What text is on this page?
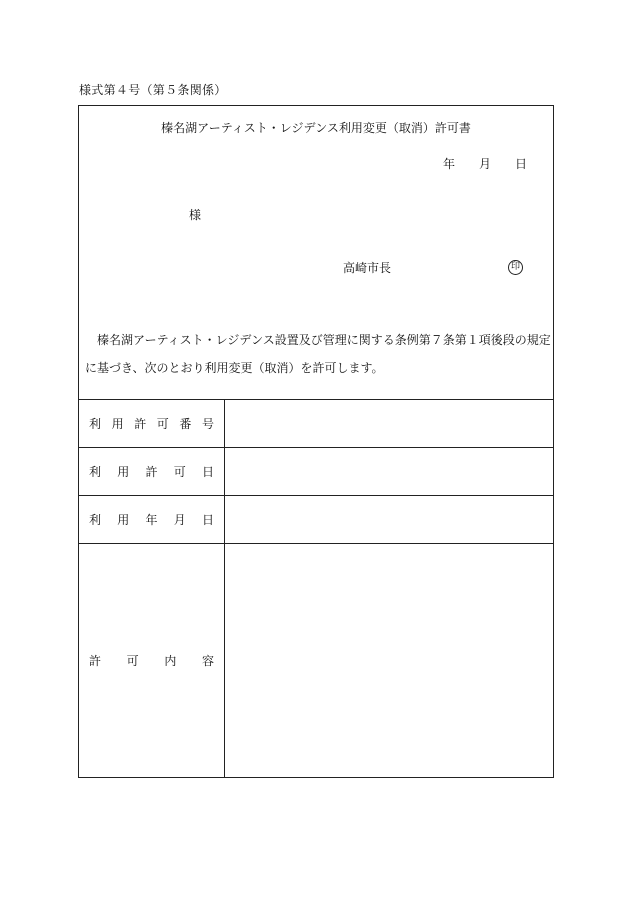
様式第４号（第５条関係）
榛名湖アーティスト・レジデンス利用変更（取消）許可書
年 月 日
様
高崎市長	印

榛名湖アーティスト・レジデンス設置及び管理に関する条例第７条第１項後段の規定に基づき、次のとおり利用変更（取消）を許可します。

利 用 許 可 番 号
利 用 許 可 日
利 用 年 月 日
許 可 内 容
